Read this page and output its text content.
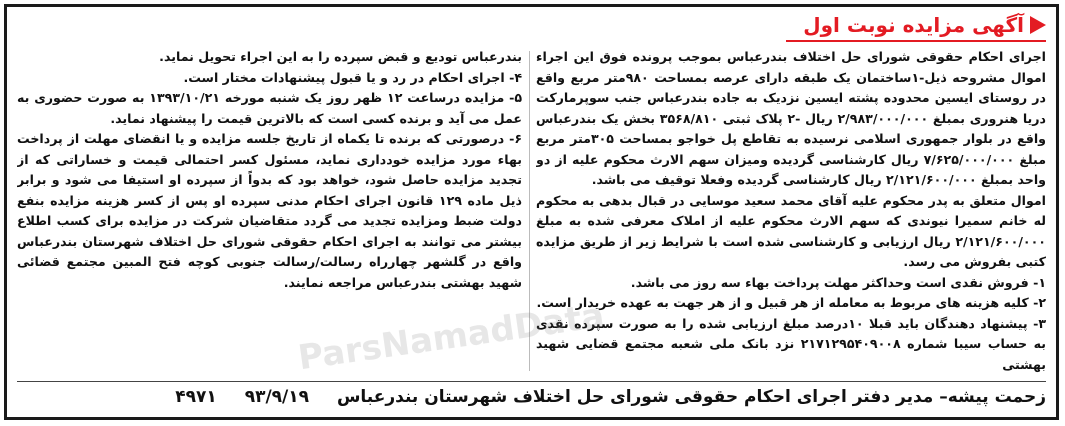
آگهی مزایده نوبت اول

اجرای احکام حقوقی شورای حل اختلاف بندرعباس بموجب پرونده فوق این اجراء اموال مشروحه ذیل-۱ساختمان یک طبقه دارای عرصه بمساحت ۹۸۰متر مربع واقع در روستای ایسین محدوده پشته ایسین نزدیک به جاده بندرعباس جنب سوپرمارکت دریا هنروری بمبلغ ۲/۹۸۳/۰۰۰/۰۰۰ ریال -۲ پلاک ثبتی ۳۵۶۸/۸۱۰ بخش یک بندرعباس واقع در بلوار جمهوری اسلامی نرسیده به تقاطع پل خواجو بمساحت ۳۰۵متر مربع مبلغ ۷/۶۲۵/۰۰۰/۰۰۰ ریال کارشناسی گردیده ومیزان سهم الارث محکوم علیه از دو واحد بمبلغ ۲/۱۲۱/۶۰۰/۰۰۰ ریال کارشناسی گردیده وفعلا توقیف می باشد.

اموال متعلق به پدر محکوم علیه آقای محمد سعید موسایی در قبال بدهی به محکوم له خانم سمیرا نیوندی که سهم الارث محکوم علیه از املاک معرفی شده به مبلغ ۲/۱۲۱/۶۰۰/۰۰۰ ریال ارزیابی و کارشناسی شده است با شرایط زیر از طریق مزایده کتبی بفروش می رسد.

۱- فروش نقدی است وحداکثر مهلت پرداخت بهاء سه روز می باشد.

۲- کلیه هزینه های مربوط به معامله از هر قبیل و از هر جهت به عهده خریدار است.

۳- پیشنهاد دهندگان باید قبلا ۱۰درصد مبلغ ارزیابی شده را به صورت سپرده نقدی به حساب سیبا شماره ۲۱۷۱۲۹۵۴۰۹۰۰۸ نزد بانک ملی شعبه مجتمع قضایی شهید بهشتی

بندرعباس تودیع و قبض سپرده را به این اجراء تحویل نماید.

۴- اجرای احکام در رد و یا قبول پیشنهادات مختار است.

۵- مزایده درساعت ۱۲ ظهر روز یک شنبه مورخه ۱۳۹۳/۱۰/۲۱ به صورت حضوری به عمل می آید و برنده کسی است که بالاترین قیمت را پیشنهاد نماید.

۶- درصورتی که برنده تا یکماه از تاریخ جلسه مزایده و یا انقضای مهلت از پرداخت بهاء مورد مزایده خودداری نماید، مسئول کسر احتمالی قیمت و خساراتی که از تجدید مزایده حاصل شود، خواهد بود که بدواً از سپرده او استیفا می شود و برابر ذیل ماده ۱۲۹ قانون اجرای احکام مدنی سپرده او پس از کسر هزینه مزایده بنفع دولت ضبط ومزایده تجدید می گردد متقاضیان شرکت در مزایده برای کسب اطلاع بیشتر می توانند به اجرای احکام حقوقی شورای حل اختلاف شهرستان بندرعباس واقع در گلشهر چهارراه رسالت/رسالت جنوبی کوچه فتح المبین مجتمع قضائی شهید بهشتی بندرعباس مراجعه نمایند.

ParsNamadData
زحمت پیشه– مدیر دفتر اجرای احکام حقوقی شورای حل اختلاف شهرستان بندرعباس ۹۳/۹/۱۹ ۴۹۷۱
